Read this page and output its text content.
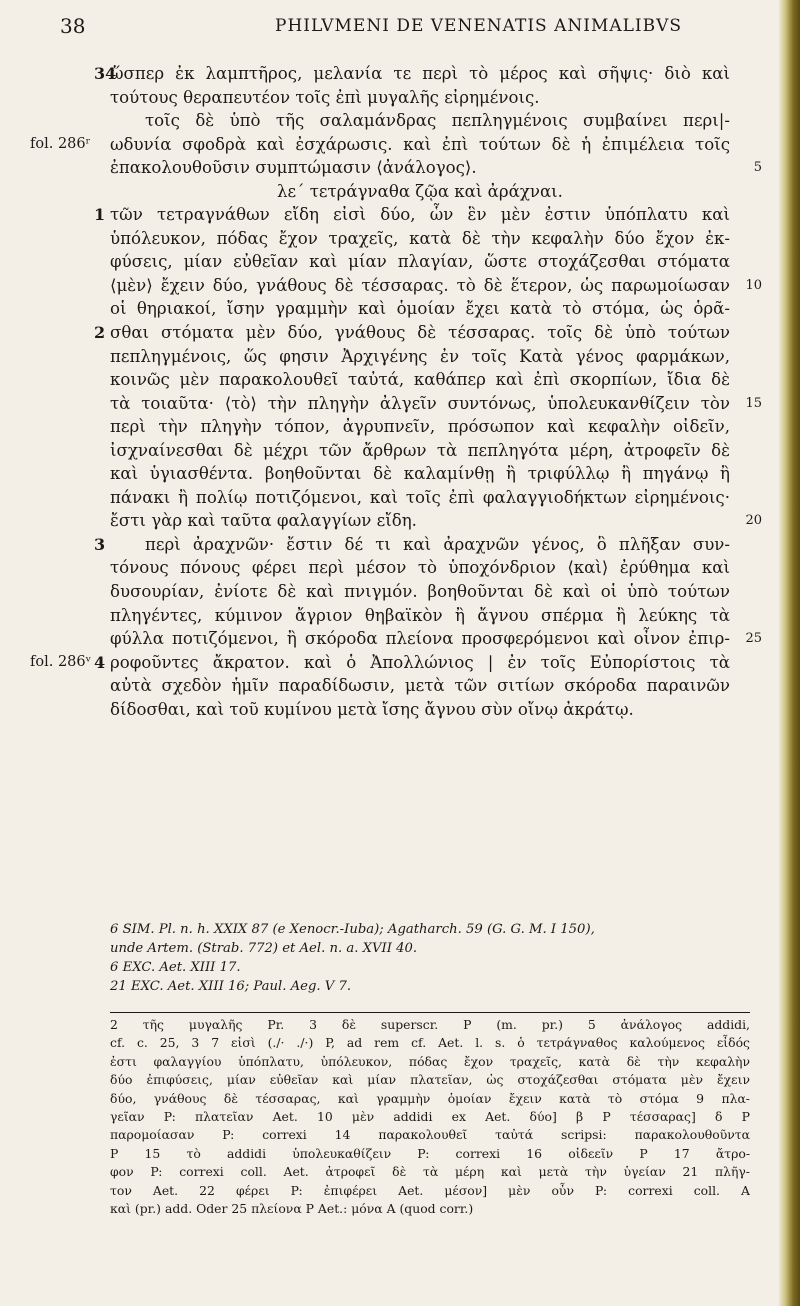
38	PHILVMENI DE VENENATIS ANIMALIBVS
34
ὥσπερ ἐκ λαμπτῆρος, μελανία τε περὶ τὸ μέρος καὶ σῆψις· διὸ καὶ
τούτους θεραπευτέον τοῖς ἐπὶ μυγαλῆς εἰρημένοις.
τοῖς δὲ ὑπὸ τῆς σαλαμάνδρας πεπληγμένοις συμβαίνει περι|-
fol. 286ʳ ωδυνία σφοδρὰ καὶ ἐσχάρωσις. καὶ ἐπὶ τούτων δὲ ἡ ἐπιμέλεια τοῖς
ἐπακολουθοῦσιν συμπτώμασιν ⟨ἀνάλογος⟩.	5
λε΄ τετράγναθα ζῷα καὶ ἀράχναι.
1 τῶν τετραγνάθων εἴδη εἰσὶ δύο, ὧν ἓν μὲν ἐστιν ὑπόπλατυ καὶ
ὑπόλευκον, πόδας ἔχον τραχεῖς, κατὰ δὲ τὴν κεφαλὴν δύο ἔχον ἐκ-
φύσεις, μίαν εὐθεῖαν καὶ μίαν πλαγίαν, ὥστε στοχάζεσθαι στόματα
⟨μὲν⟩ ἔχειν δύο, γνάθους δὲ τέσσαρας. τὸ δὲ ἕτερον, ὡς παρωμοίωσαν 10
οἱ θηριακοί, ἴσην γραμμὴν καὶ ὁμοίαν ἔχει κατὰ τὸ στόμα, ὡς ὁρᾶ-
2 σθαι στόματα μὲν δύο, γνάθους δὲ τέσσαρας. τοῖς δὲ ὑπὸ τούτων
πεπληγμένοις, ὥς φησιν Ἀρχιγένης ἐν τοῖς Κατὰ γένος φαρμάκων,
κοινῶς μὲν παρακολουθεῖ ταὐτά, καθάπερ καὶ ἐπὶ σκορπίων, ἴδια δὲ
τὰ τοιαῦτα· ⟨τὸ⟩ τὴν πληγὴν ἀλγεῖν συντόνως, ὑπολευκανθίζειν τὸν 15
περὶ τὴν πληγὴν τόπον, ἀγρυπνεῖν, πρόσωπον καὶ κεφαλὴν οἰδεῖν,
ἰσχναίνεσθαι δὲ μέχρι τῶν ἄρθρων τὰ πεπληγότα μέρη, ἀτροφεῖν δὲ
καὶ ὑγιασθέντα. βοηθοῦνται δὲ καλαμίνθῃ ἢ τριφύλλῳ ἢ πηγάνῳ ἢ
πάνακι ἢ πολίῳ ποτιζόμενοι, καὶ τοῖς ἐπὶ φαλαγγιοδήκτων εἰρημένοις·
ἔστι γὰρ καὶ ταῦτα φαλαγγίων εἴδη.	20
3 περὶ ἀραχνῶν· ἔστιν δέ τι καὶ ἀραχνῶν γένος, ὃ πλῆξαν συν-
τόνους πόνους φέρει περὶ μέσον τὸ ὑποχόνδριον ⟨καὶ⟩ ἐρύθημα καὶ
δυσουρίαν, ἐνίοτε δὲ καὶ πνιγμόν. βοηθοῦνται δὲ καὶ οἱ ὑπὸ τούτων
πληγέντες, κύμινον ἄγριον θηβαϊκὸν ἢ ἄγνου σπέρμα ἢ λεύκης τὰ
φύλλα ποτιζόμενοι, ἢ σκόροδα πλείονα προσφερόμενοι καὶ οἶνον ἐπιρ- 25
fol. 286ᵛ 4 ροφοῦντες ἄκρατον. καὶ ὁ Ἀπολλώνιος | ἐν τοῖς Εὐπορίστοις τὰ
αὐτὰ σχεδὸν ἡμῖν παραδίδωσιν, μετὰ τῶν σιτίων σκόροδα παραινῶν
δίδοσθαι, καὶ τοῦ κυμίνου μετὰ ἴσης ἄγνου σὺν οἴνῳ ἀκράτῳ.
6 SIM. Pl. n. h. XXIX 87 (e Xenocr.-Iuba); Agatharch. 59 (G. G. M. I 150),
unde Artem. (Strab. 772) et Ael. n. a. XVII 40.
6 EXC. Aet. XIII 17.
21 EXC. Aet. XIII 16; Paul. Aeg. V 7.
2 τῆς μυγαλῆς Pr. 3 δὲ superscr. P (m. pr.) 5 ἀνάλογος addidi,
cf. c. 25, 3 7 εἰσὶ (./· ./·) P, ad rem cf. Aet. l. s. ὁ τετράγναθος καλούμενος εἶδός
ἐστι φαλαγγίου ὑπόπλατυ, ὑπόλευκον, πόδας ἔχον τραχεῖς, κατὰ δὲ τὴν κεφαλὴν
δύο ἐπιφύσεις, μίαν εὐθεῖαν καὶ μίαν πλατεῖαν, ὡς στοχάζεσθαι στόματα μὲν ἔχειν
δύο, γνάθους δὲ τέσσαρας, καὶ γραμμὴν ὁμοίαν ἔχειν κατὰ τὸ στόμα 9 πλα-
γεῖαν P: πλατεῖαν Aet. 10 μὲν addidi ex Aet. δύο] β P τέσσαρας] δ P
παρομοίασαν P: correxi 14 παρακολουθεῖ ταὐτά scripsi: παρακολουθοῦντα
P 15 τὸ addidi ὑπολευκαθίζειν P: correxi 16 οἰδεεῖν P 17 ἄτρο-
φον P: correxi coll. Aet. ἀτροφεῖ δὲ τὰ μέρη καὶ μετὰ τὴν ὑγείαν 21 πλῆγ-
τον Aet. 22 φέρει P: ἐπιφέρει Aet. μέσον] μὲν οὖν P: correxi coll. A
καὶ (pr.) add. Oder 25 πλείονα P Aet.: μόνα A (quod corr.)
